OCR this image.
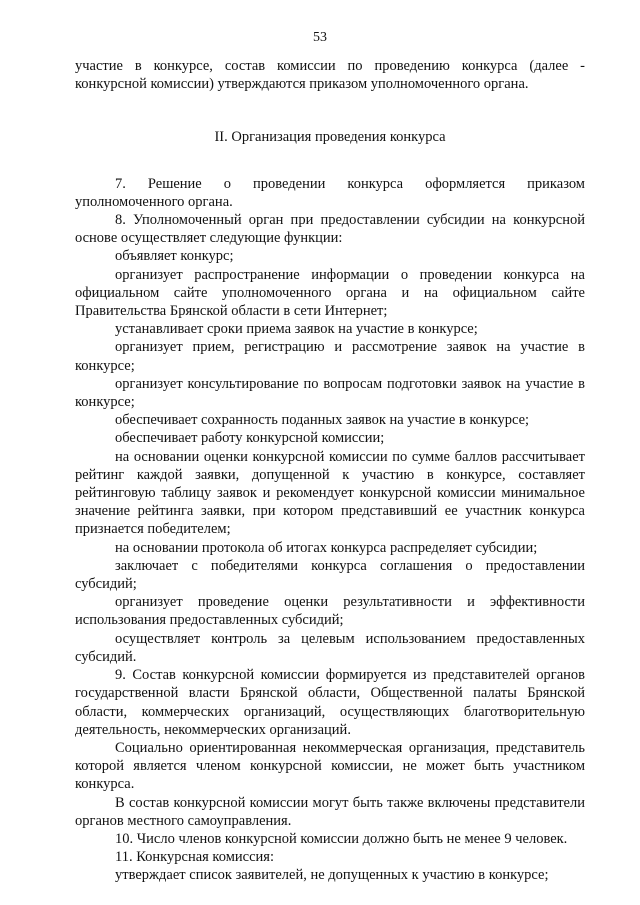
53

участие в конкурсе, состав комиссии по проведению конкурса (далее - конкурсной комиссии) утверждаются приказом уполномоченного органа.

II. Организация проведения конкурса

7. Решение о проведении конкурса оформляется приказом уполномоченного органа.

8. Уполномоченный орган при предоставлении субсидии на конкурсной основе осуществляет следующие функции:

объявляет конкурс;

организует распространение информации о проведении конкурса на официальном сайте уполномоченного органа и на официальном сайте Правительства Брянской области в сети Интернет;

устанавливает сроки приема заявок на участие в конкурсе;

организует прием, регистрацию и рассмотрение заявок на участие в конкурсе;

организует консультирование по вопросам подготовки заявок на участие в конкурсе;

обеспечивает сохранность поданных заявок на участие в конкурсе;

обеспечивает работу конкурсной комиссии;

на основании оценки конкурсной комиссии по сумме баллов рассчитывает рейтинг каждой заявки, допущенной к участию в конкурсе, составляет рейтинговую таблицу заявок и рекомендует конкурсной комиссии минимальное значение рейтинга заявки, при котором представивший ее участник конкурса признается победителем;

на основании протокола об итогах конкурса распределяет субсидии;

заключает с победителями конкурса соглашения о предоставлении субсидий;

организует проведение оценки результативности и эффективности использования предоставленных субсидий;

осуществляет контроль за целевым использованием предоставленных субсидий.

9. Состав конкурсной комиссии формируется из представителей органов государственной власти Брянской области, Общественной палаты Брянской области, коммерческих организаций, осуществляющих благотворительную деятельность, некоммерческих организаций.

Социально ориентированная некоммерческая организация, представитель которой является членом конкурсной комиссии, не может быть участником конкурса.

В состав конкурсной комиссии могут быть также включены представители органов местного самоуправления.

10. Число членов конкурсной комиссии должно быть не менее 9 человек.

11. Конкурсная комиссия:

утверждает список заявителей, не допущенных к участию в конкурсе;
